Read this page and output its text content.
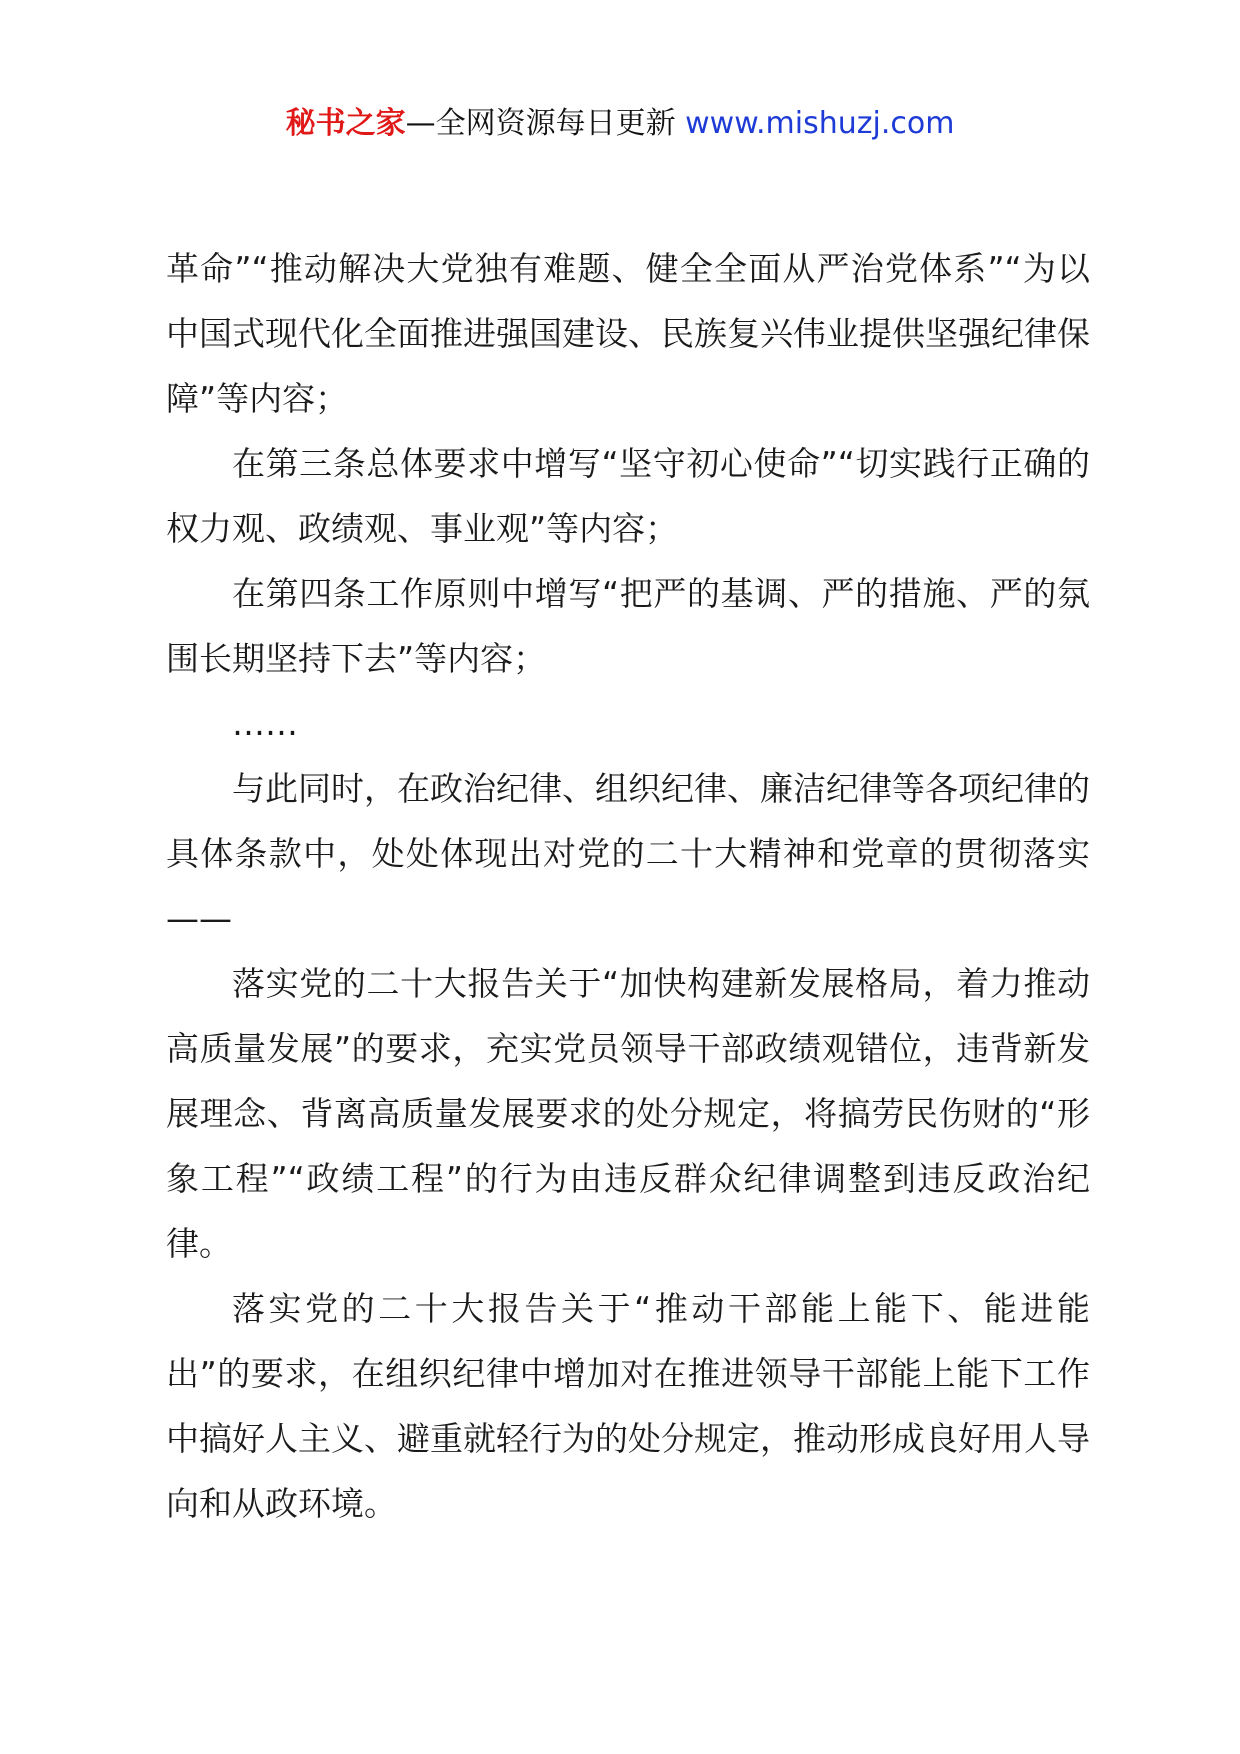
秘书之家—全网资源每日更新 www.mishuzj.com

革命”“推动解决大党独有难题、健全全面从严治党体系”“为以中国式现代化全面推进强国建设、民族复兴伟业提供坚强纪律保障”等内容；

在第三条总体要求中增写“坚守初心使命”“切实践行正确的权力观、政绩观、事业观”等内容；

在第四条工作原则中增写“把严的基调、严的措施、严的氛围长期坚持下去”等内容；

……

与此同时，在政治纪律、组织纪律、廉洁纪律等各项纪律的具体条款中，处处体现出对党的二十大精神和党章的贯彻落实——

落实党的二十大报告关于“加快构建新发展格局，着力推动高质量发展”的要求，充实党员领导干部政绩观错位，违背新发展理念、背离高质量发展要求的处分规定，将搞劳民伤财的“形象工程”“政绩工程”的行为由违反群众纪律调整到违反政治纪律。

落实党的二十大报告关于“推动干部能上能下、能进能出”的要求，在组织纪律中增加对在推进领导干部能上能下工作中搞好人主义、避重就轻行为的处分规定，推动形成良好用人导向和从政环境。
